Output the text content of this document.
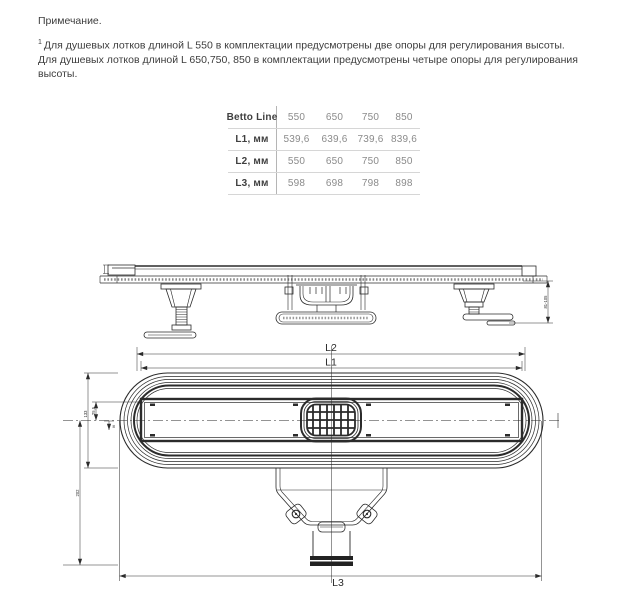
Примечание.
$^1$ Для душевых лотков длиной L 550 в комплектации предусмотрены две опоры для регулирования высоты.
Для душевых лотков длиной L 650,750, 850 в комплектации предусмотрены четыре опоры для регулирования высоты.
Betto Line	550	650	750	850
L1, мм	539,6	639,6 739,6 839,6
L2, мм	550	650	750	850
L3, мм	598	698	798	898
81-105
L2
L1
133 25,5
8
202
L3
